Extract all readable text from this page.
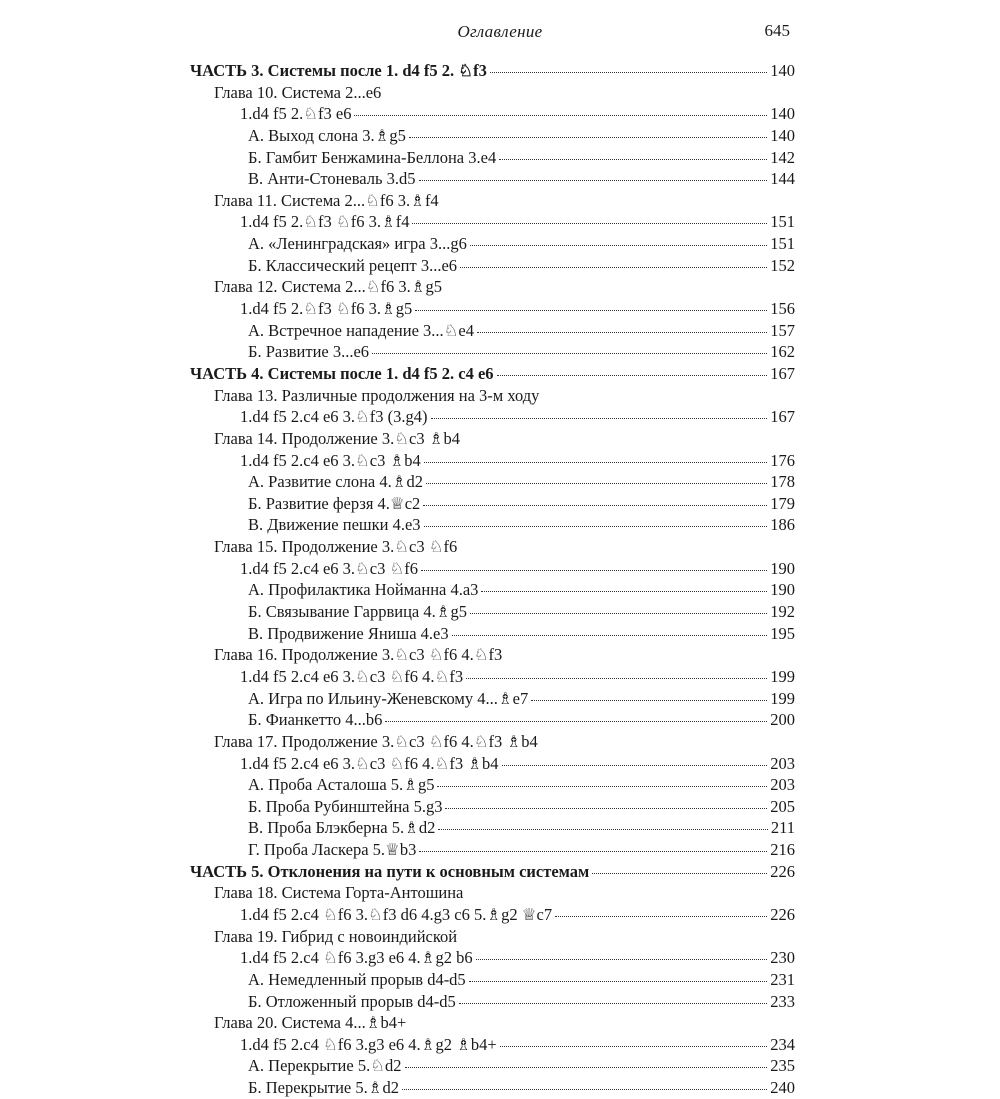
Оглавление	645
ЧАСТЬ 3. Системы после 1. d4 f5 2. ♘f3	140
Глава 10. Система 2...е6
1.d4 f5 2.♘f3 е6	140
А. Выход слона 3.♗g5	140
Б. Гамбит Бенжамина-Беллона 3.е4	142
В. Анти-Стоневаль 3.d5	144
Глава 11. Система 2...♘f6 3.♗f4
1.d4 f5 2.♘f3 ♘f6 3.♗f4	151
А. «Ленинградская» игра 3...g6	151
Б. Классический рецепт 3...е6	152
Глава 12. Система 2...♘f6 3.♗g5
1.d4 f5 2.♘f3 ♘f6 3.♗g5	156
А. Встречное нападение 3...♘е4	157
Б. Развитие 3...е6	162
ЧАСТЬ 4. Системы после 1. d4 f5 2. с4 е6	167
Глава 13. Различные продолжения на 3-м ходу
1.d4 f5 2.с4 е6 3.♘f3 (3.g4)	167
Глава 14. Продолжение 3.♘с3 ♗b4
1.d4 f5 2.с4 е6 3.♘с3 ♗b4	176
А. Развитие слона 4.♗d2	178
Б. Развитие ферзя 4.♕с2	179
В. Движение пешки 4.е3	186
Глава 15. Продолжение 3.♘с3 ♘f6
1.d4 f5 2.с4 е6 3.♘с3 ♘f6	190
А. Профилактика Нойманна 4.а3	190
Б. Связывание Гаррвица 4.♗g5	192
В. Продвижение Яниша 4.е3	195
Глава 16. Продолжение 3.♘с3 ♘f6 4.♘f3
1.d4 f5 2.с4 е6 3.♘с3 ♘f6 4.♘f3	199
А. Игра по Ильину-Женевскому 4...♗е7	199
Б. Фианкетто 4...b6	200
Глава 17. Продолжение 3.♘с3 ♘f6 4.♘f3 ♗b4
1.d4 f5 2.с4 е6 3.♘с3 ♘f6 4.♘f3 ♗b4	203
А. Проба Асталоша 5.♗g5	203
Б. Проба Рубинштейна 5.g3	205
В. Проба Блэкберна 5.♗d2	211
Г. Проба Ласкера 5.♕b3	216
ЧАСТЬ 5. Отклонения на пути к основным системам	226
Глава 18. Система Горта-Антошина
1.d4 f5 2.с4 ♘f6 3.♘f3 d6 4.g3 с6 5.♗g2 ♕с7	226
Глава 19. Гибрид с новоиндийской
1.d4 f5 2.с4 ♘f6 3.g3 е6 4.♗g2 b6	230
А. Немедленный прорыв d4-d5	231
Б. Отложенный прорыв d4-d5	233
Глава 20. Система 4...♗b4+
1.d4 f5 2.с4 ♘f6 3.g3 е6 4.♗g2 ♗b4+	234
А. Перекрытие 5.♘d2	235
Б. Перекрытие 5.♗d2	240
